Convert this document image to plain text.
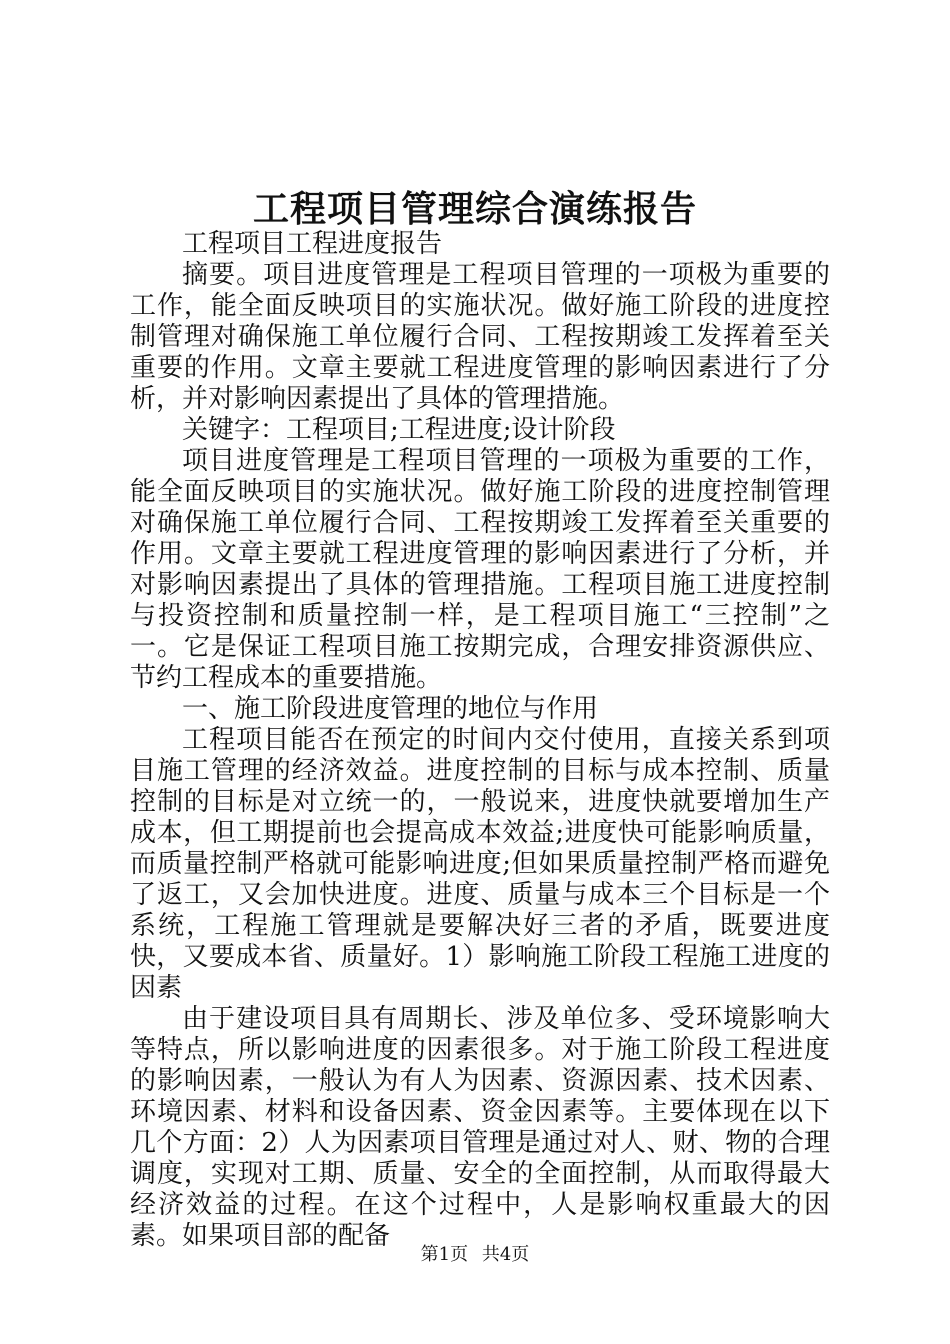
工程项目管理综合演练报告

工程项目工程进度报告

摘要。项目进度管理是工程项目管理的一项极为重要的工作，能全面反映项目的实施状况。做好施工阶段的进度控制管理对确保施工单位履行合同、工程按期竣工发挥着至关重要的作用。文章主要就工程进度管理的影响因素进行了分析，并对影响因素提出了具体的管理措施。

关键字：工程项目;工程进度;设计阶段

项目进度管理是工程项目管理的一项极为重要的工作，能全面反映项目的实施状况。做好施工阶段的进度控制管理对确保施工单位履行合同、工程按期竣工发挥着至关重要的作用。文章主要就工程进度管理的影响因素进行了分析，并对影响因素提出了具体的管理措施。工程项目施工进度控制与投资控制和质量控制一样，是工程项目施工“三控制”之一。它是保证工程项目施工按期完成，合理安排资源供应、节约工程成本的重要措施。

一、施工阶段进度管理的地位与作用

工程项目能否在预定的时间内交付使用，直接关系到项目施工管理的经济效益。进度控制的目标与成本控制、质量控制的目标是对立统一的，一般说来，进度快就要增加生产成本，但工期提前也会提高成本效益;进度快可能影响质量，而质量控制严格就可能影响进度;但如果质量控制严格而避免了返工，又会加快进度。进度、质量与成本三个目标是一个系统，工程施工管理就是要解决好三者的矛盾，既要进度快，又要成本省、质量好。1）影响施工阶段工程施工进度的因素

由于建设项目具有周期长、涉及单位多、受环境影响大等特点，所以影响进度的因素很多。对于施工阶段工程进度的影响因素，一般认为有人为因素、资源因素、技术因素、环境因素、材料和设备因素、资金因素等。主要体现在以下几个方面：2）人为因素项目管理是通过对人、财、物的合理调度，实现对工期、质量、安全的全面控制，从而取得最大经济效益的过程。在这个过程中，人是影响权重最大的因素。如果项目部的配备

第1页 共4页
